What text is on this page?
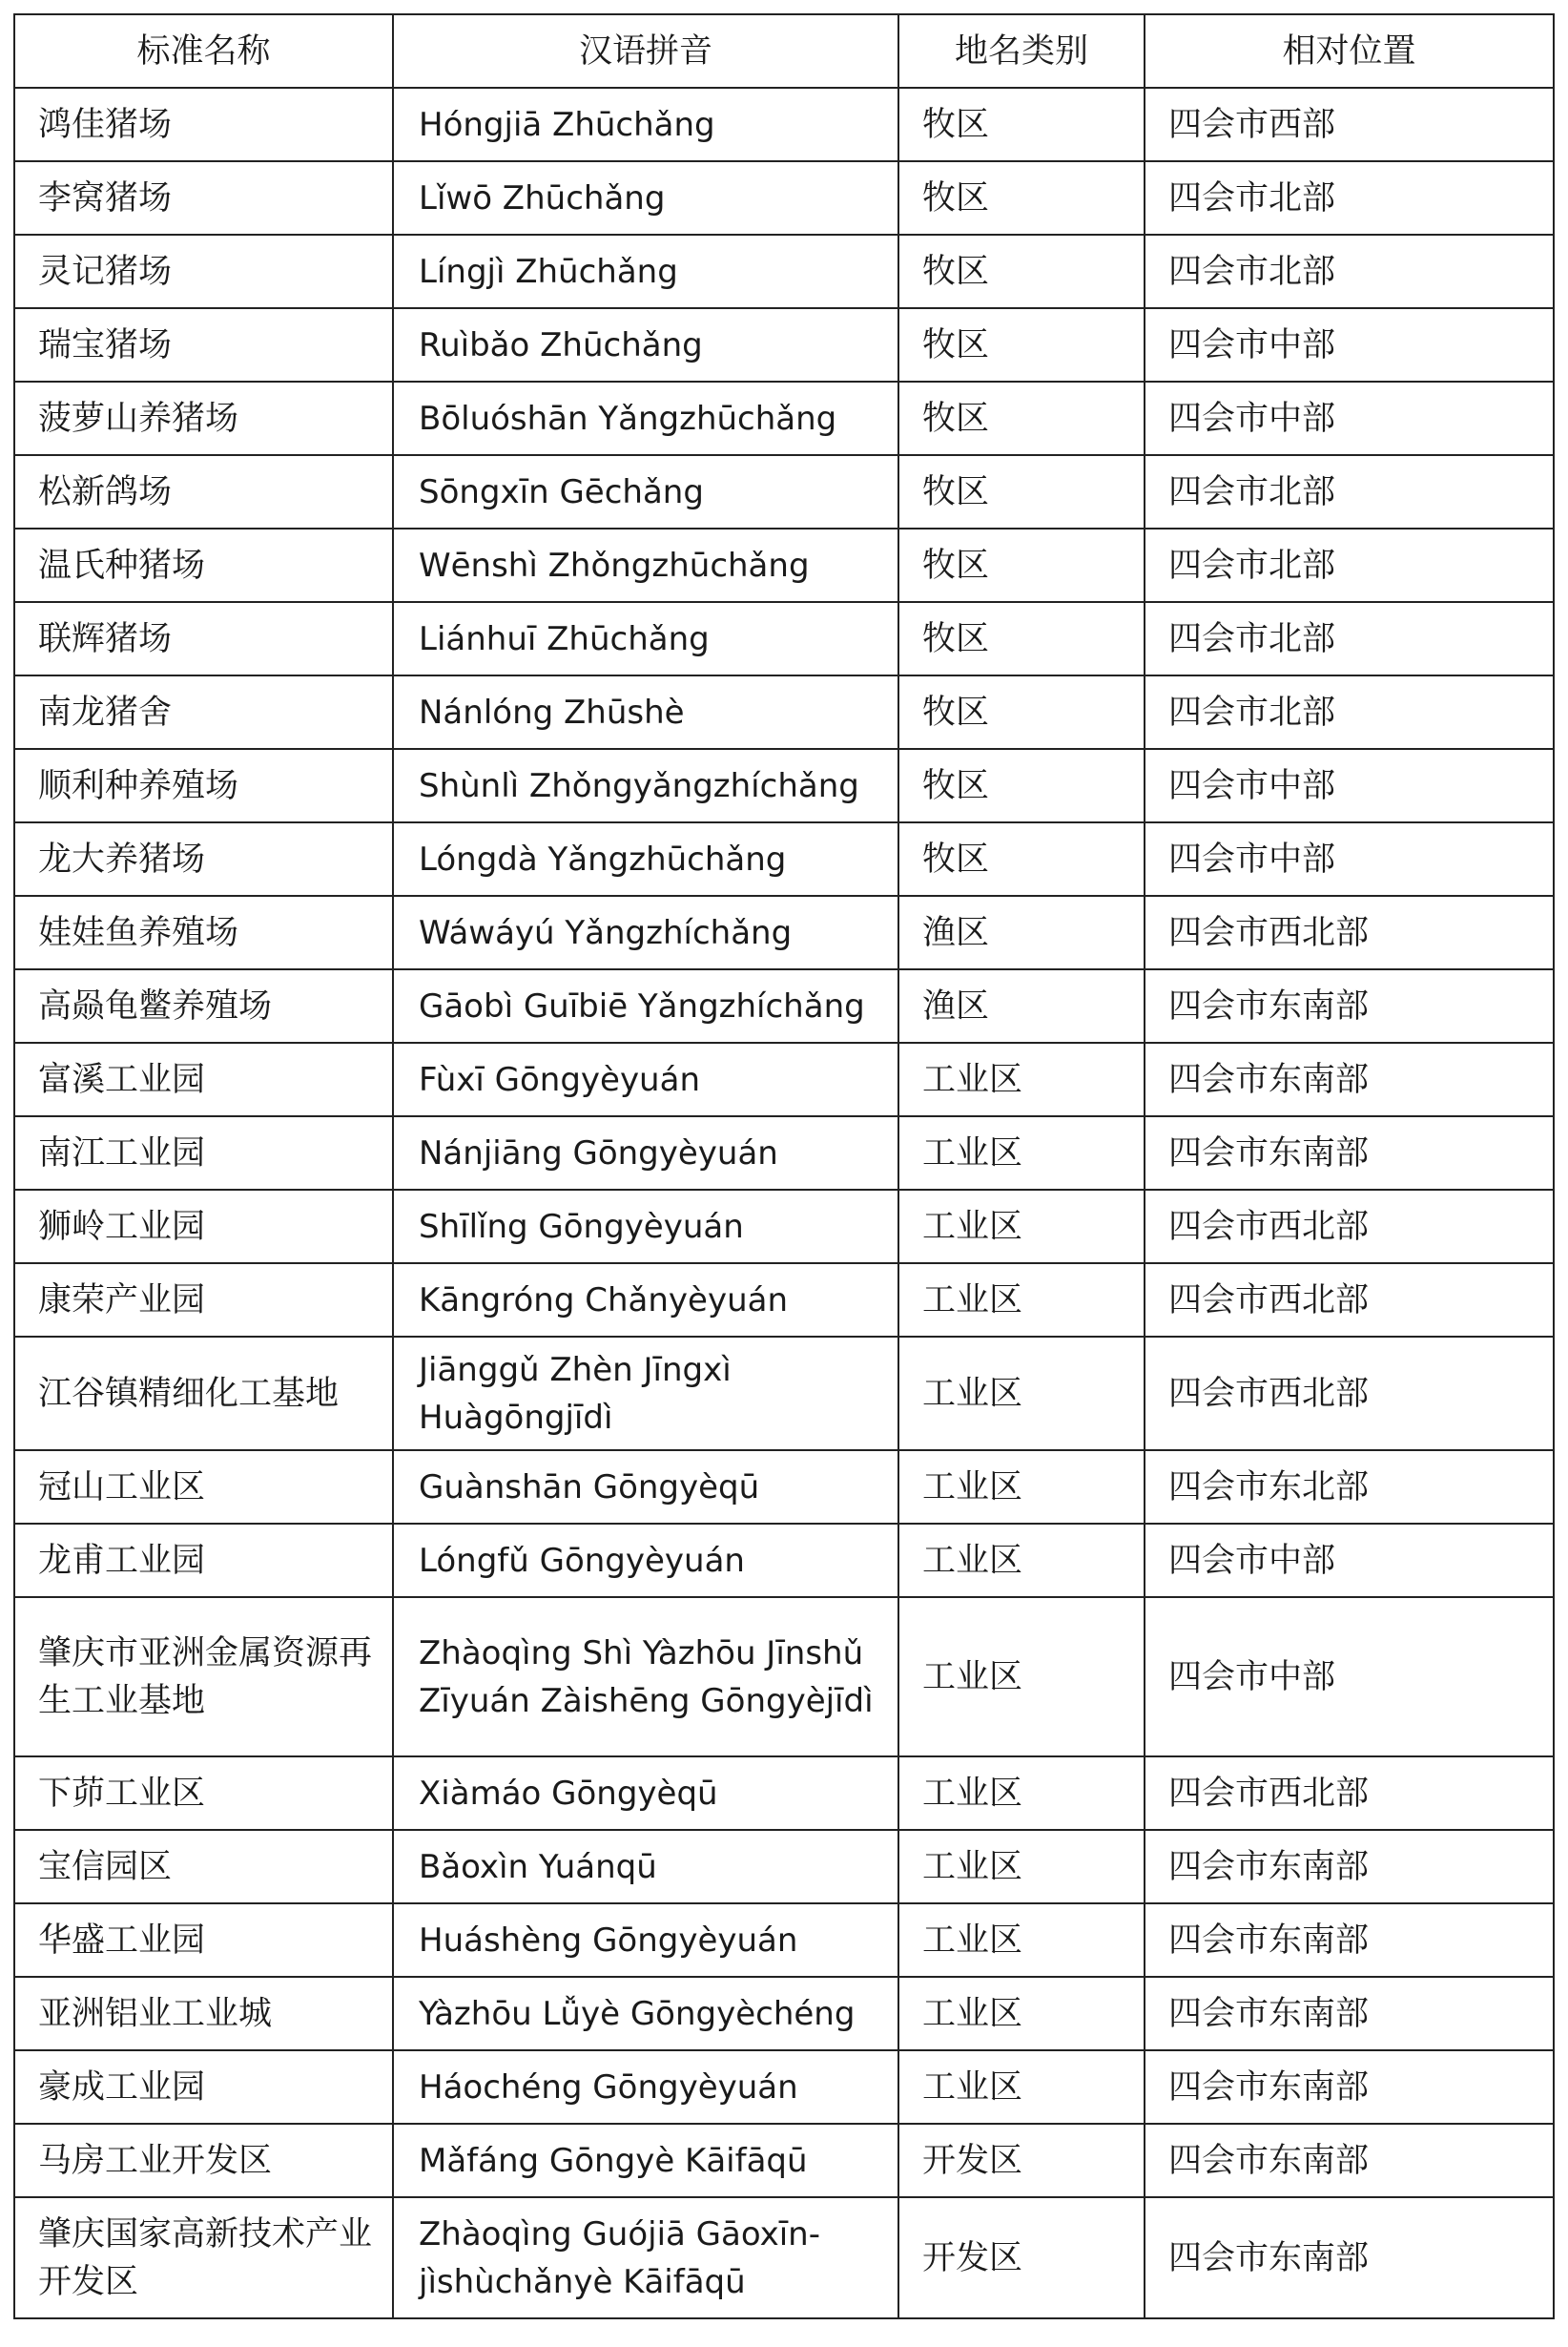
标准名称	汉语拼音	地名类别	相对位置
鸿佳猪场	Hóngjiā Zhūchǎng	牧区	四会市西部
李窝猪场	Lǐwō Zhūchǎng	牧区	四会市北部
灵记猪场	Língjì Zhūchǎng	牧区	四会市北部
瑞宝猪场	Ruìbǎo Zhūchǎng	牧区	四会市中部
菠萝山养猪场	Bōluóshān Yǎngzhūchǎng	牧区	四会市中部
松新鸽场	Sōngxīn Gēchǎng	牧区	四会市北部
温氏种猪场	Wēnshì Zhǒngzhūchǎng	牧区	四会市北部
联辉猪场	Liánhuī Zhūchǎng	牧区	四会市北部
南龙猪舍	Nánlóng Zhūshè	牧区	四会市北部
顺利种养殖场	Shùnlì Zhǒngyǎngzhíchǎng	牧区	四会市中部
龙大养猪场	Lóngdà Yǎngzhūchǎng	牧区	四会市中部
娃娃鱼养殖场	Wáwáyú Yǎngzhíchǎng	渔区	四会市西北部
高赑龟鳖养殖场	Gāobì Guībiē Yǎngzhíchǎng	渔区	四会市东南部
富溪工业园	Fùxī Gōngyèyuán	工业区	四会市东南部
南江工业园	Nánjiāng Gōngyèyuán	工业区	四会市东南部
狮岭工业园	Shīlǐng Gōngyèyuán	工业区	四会市西北部
康荣产业园	Kāngróng Chǎnyèyuán	工业区	四会市西北部
江谷镇精细化工基地	Jiānggǔ Zhèn Jīngxì Huàgōngjīdì	工业区	四会市西北部
冠山工业区	Guànshān Gōngyèqū	工业区	四会市东北部
龙甫工业园	Lóngfǔ Gōngyèyuán	工业区	四会市中部
肇庆市亚洲金属资源再生工业基地	Zhàoqìng Shì Yàzhōu Jīnshǔ Zīyuán Zàishēng Gōngyèjīdì	工业区	四会市中部
下茆工业区	Xiàmáo Gōngyèqū	工业区	四会市西北部
宝信园区	Bǎoxìn Yuánqū	工业区	四会市东南部
华盛工业园	Huáshèng Gōngyèyuán	工业区	四会市东南部
亚洲铝业工业城	Yàzhōu Lǚyè Gōngyèchéng	工业区	四会市东南部
豪成工业园	Háochéng Gōngyèyuán	工业区	四会市东南部
马房工业开发区	Mǎfáng Gōngyè Kāifāqū	开发区	四会市东南部
肇庆国家高新技术产业开发区	Zhàoqìng Guójiā Gāoxīn-jìshùchǎnyè Kāifāqū	开发区	四会市东南部
